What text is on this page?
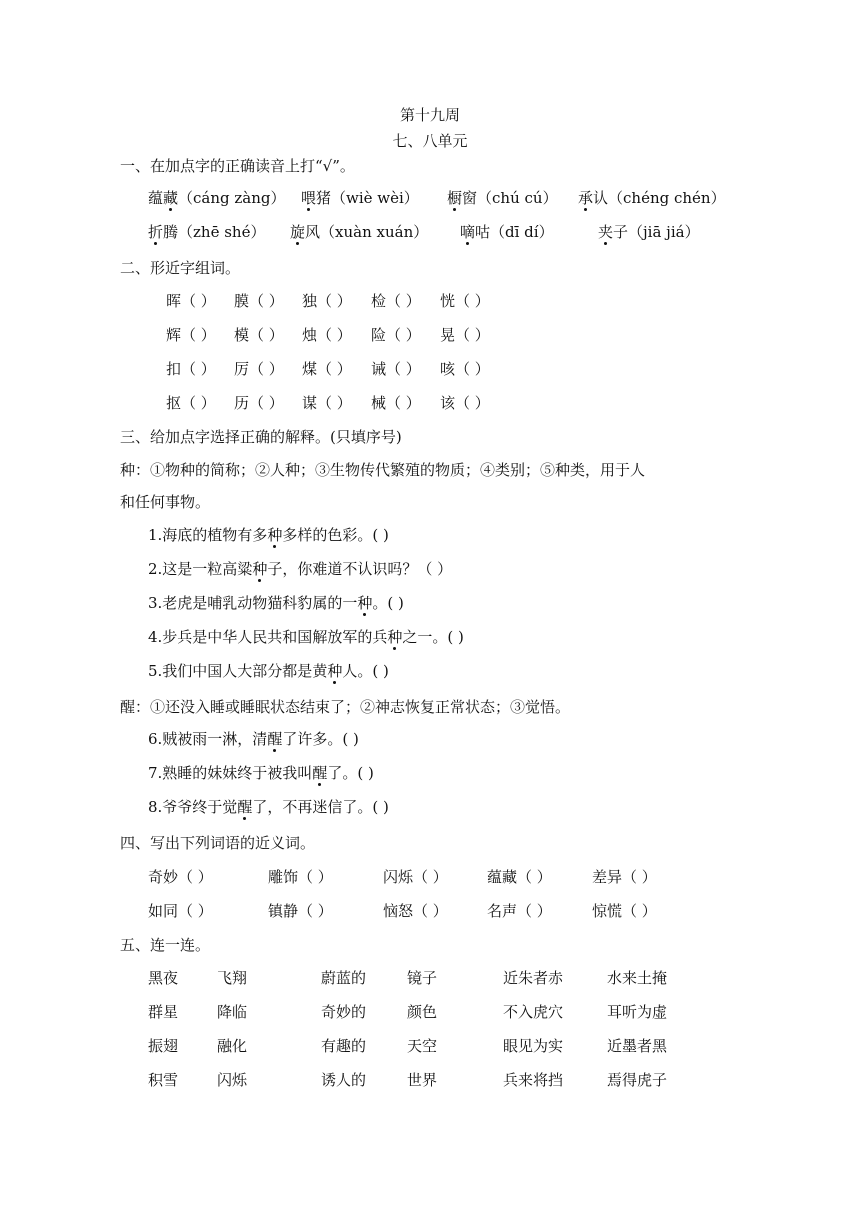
第十九周
七、八单元
一、在加点字的正确读音上打“√”。
蕴藏（cáng zàng） 喂猪（wiè wèi） 橱窗（chú cú） 承认（chéng chén）
折腾（zhē shé） 旋风（xuàn xuán） 嘀咕（dī dí）	夹子（jiā jiá）
二、形近字组词。
晖（ ） 膜（ ） 独（ ） 检（ ） 恍（ ）
辉（ ） 模（ ） 烛（ ） 险（ ） 晃（ ）
扣（ ） 厉（ ） 煤（ ） 诫（ ） 咳（ ）
抠（ ） 历（ ） 谋（ ） 械（ ） 该（ ）
三、给加点字选择正确的解释。(只填序号)
种：①物种的简称；②人种；③生物传代繁殖的物质；④类别；⑤种类，用于人
和任何事物。
1.海底的植物有多种多样的色彩。( )
2.这是一粒高粱种子，你难道不认识吗？（ ）
3.老虎是哺乳动物猫科豹属的一种。( )
4.步兵是中华人民共和国解放军的兵种之一。( )
5.我们中国人大部分都是黄种人。( )
醒：①还没入睡或睡眠状态结束了；②神志恢复正常状态；③觉悟。
6.贼被雨一淋，清醒了许多。( )
7.熟睡的妹妹终于被我叫醒了。( )
8.爷爷终于觉醒了，不再迷信了。( )
四、写出下列词语的近义词。
奇妙（ ）	雕饰（ ）	闪烁（ ）	蕴藏（ ）	差异（ ）
如同（ ）	镇静（ ）	恼怒（ ）	名声（ ）	惊慌（ ）
五、连一连。
黑夜	飞翔	蔚蓝的	镜子	近朱者赤	水来土掩
群星	降临	奇妙的	颜色	不入虎穴	耳听为虚
振翅	融化	有趣的	天空	眼见为实	近墨者黑
积雪	闪烁	诱人的	世界	兵来将挡	焉得虎子
